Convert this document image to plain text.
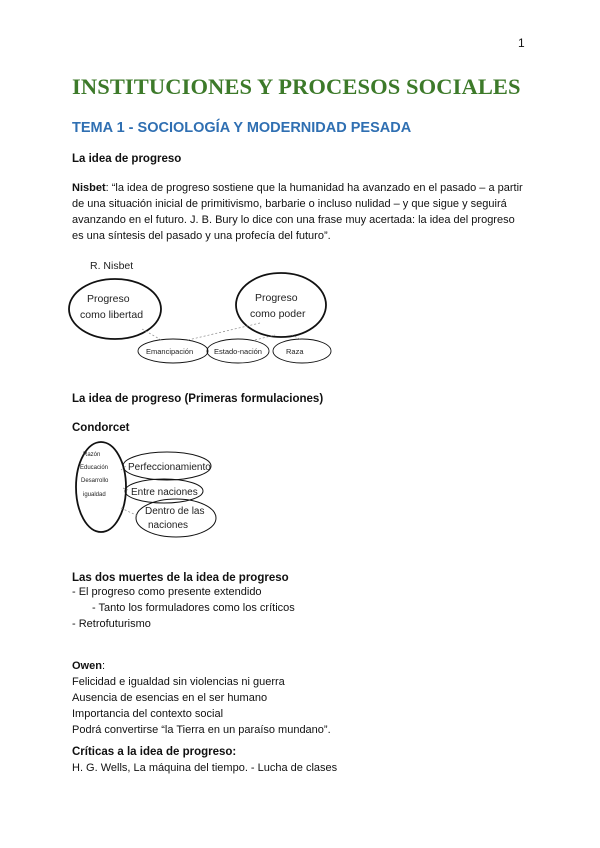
1
INSTITUCIONES Y PROCESOS SOCIALES
TEMA 1 - SOCIOLOGÍA Y MODERNIDAD PESADA
La idea de progreso
Nisbet: “la idea de progreso sostiene que la humanidad ha avanzado en el pasado – a partir
de una situación inicial de primitivismo, barbarie o incluso nulidad – y que sigue y seguirá
avanzando en el futuro. J. B. Bury lo dice con una frase muy acertada: la idea del progreso
es una síntesis del pasado y una profecía del futuro”.
R. Nisbet
Progreso
como libertad
Progreso
como poder
Emancipación	Estado-nación	Raza
La idea de progreso (Primeras formulaciones)
Condorcet
Razón
Educación
Desarrollo
igualdad
Perfeccionamiento
Entre naciones
Dentro de las
naciones
Las dos muertes de la idea de progreso
- El progreso como presente extendido
- Tanto los formuladores como los críticos
- Retrofuturismo
Owen:
Felicidad e igualdad sin violencias ni guerra
Ausencia de esencias en el ser humano
Importancia del contexto social
Podrá convertirse “la Tierra en un paraíso mundano”.
Críticas a la idea de progreso:
H. G. Wells, La máquina del tiempo. - Lucha de clases
